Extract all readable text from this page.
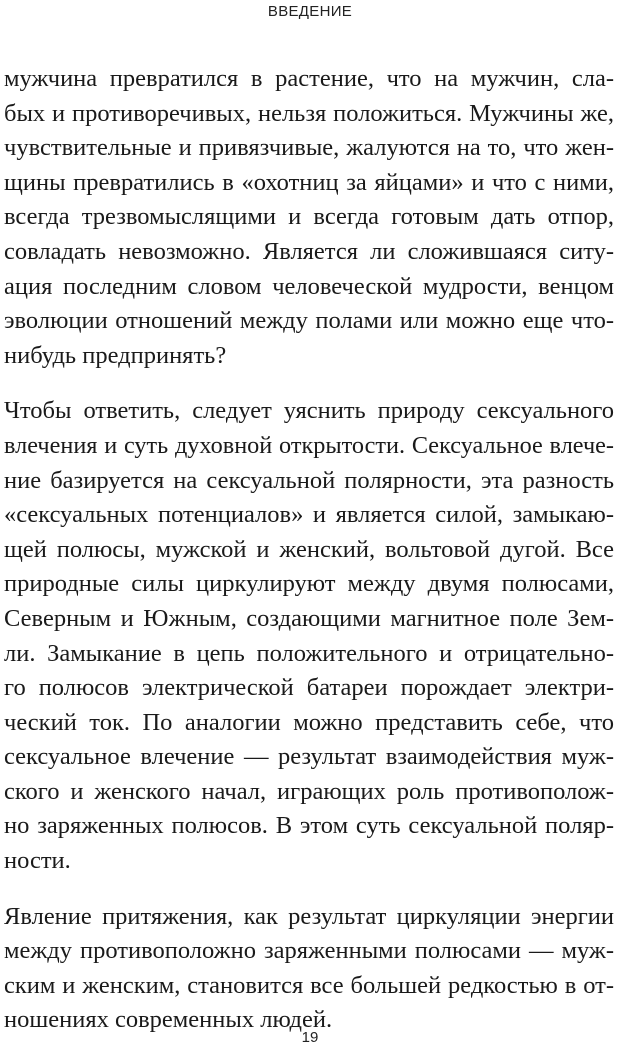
ВВЕДЕНИЕ
мужчина превратился в растение, что на мужчин, сла-
бых и противоречивых, нельзя положиться. Мужчины же,
чувствительные и привязчивые, жалуются на то, что жен-
щины превратились в «охотниц за яйцами» и что с ними,
всегда трезвомыслящими и всегда готовым дать отпор,
совладать невозможно. Является ли сложившаяся ситу-
ация последним словом человеческой мудрости, венцом
эволюции отношений между полами или можно еще что-
нибудь предпринять?
Чтобы ответить, следует уяснить природу сексуального
влечения и суть духовной открытости. Сексуальное влече-
ние базируется на сексуальной полярности, эта разность
«сексуальных потенциалов» и является силой, замыкаю-
щей полюсы, мужской и женский, вольтовой дугой. Все
природные силы циркулируют между двумя полюсами,
Северным и Южным, создающими магнитное поле Зем-
ли. Замыкание в цепь положительного и отрицательно-
го полюсов электрической батареи порождает электри-
ческий ток. По аналогии можно представить себе, что
сексуальное влечение — результат взаимодействия муж-
ского и женского начал, играющих роль противополож-
но заряженных полюсов. В этом суть сексуальной поляр-
ности.
Явление притяжения, как результат циркуляции энергии
между противоположно заряженными полюсами — муж-
ским и женским, становится все большей редкостью в от-
ношениях современных людей.
19
